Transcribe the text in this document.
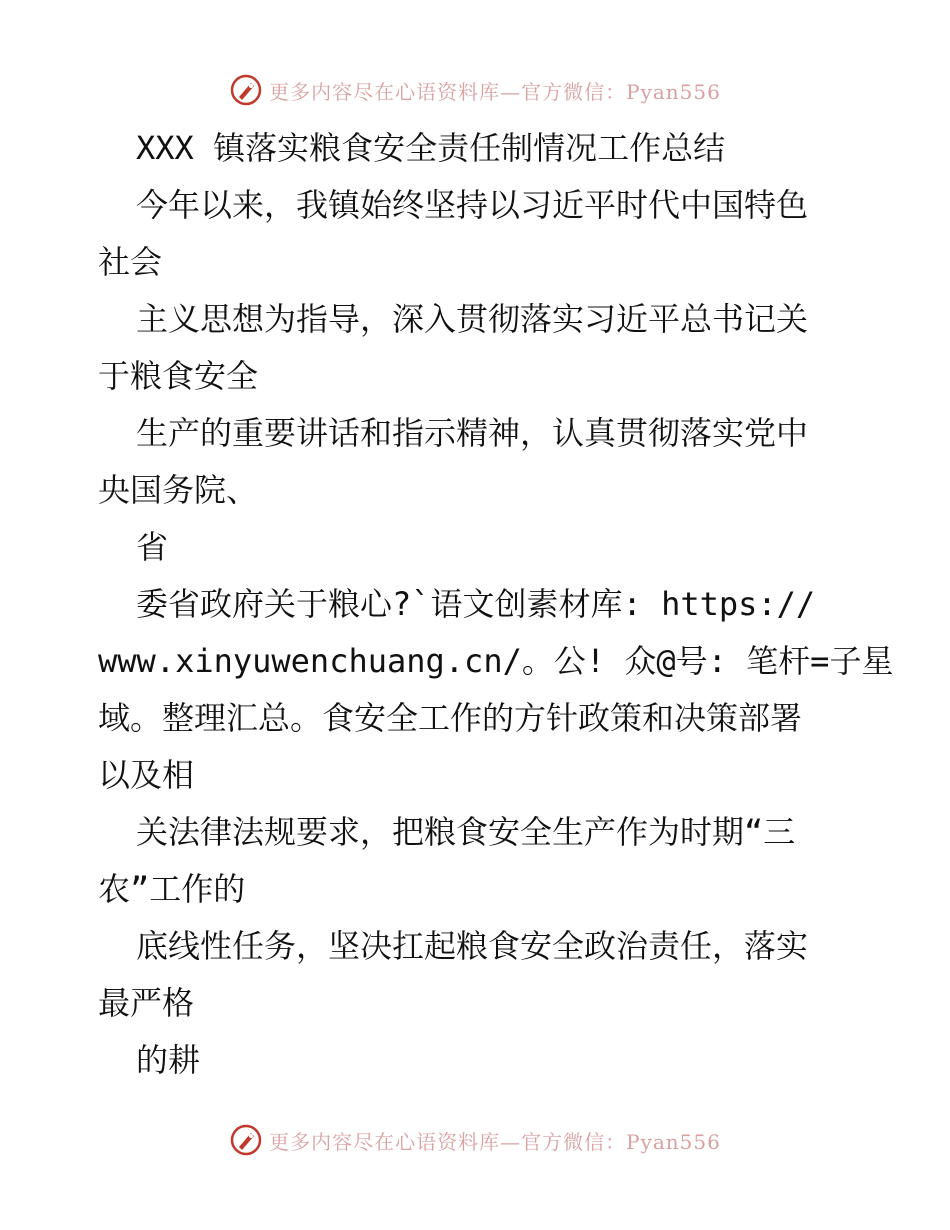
更多内容尽在心语资料库—官方微信：Pyan556
XXX 镇落实粮食安全责任制情况工作总结
今年以来，我镇始终坚持以习近平时代中国特色
社会
主义思想为指导，深入贯彻落实习近平总书记关
于粮食安全
生产的重要讲话和指示精神，认真贯彻落实党中
央国务院、
省
委省政府关于粮心?`语文创素材库: https://
www.xinyuwenchuang.cn/。公! 众@号: 笔杆=子星
域。整理汇总。食安全工作的方针政策和决策部署
以及相
关法律法规要求，把粮食安全生产作为时期“三
农”工作的
底线性任务，坚决扛起粮食安全政治责任，落实
最严格
的耕
更多内容尽在心语资料库—官方微信：Pyan556
